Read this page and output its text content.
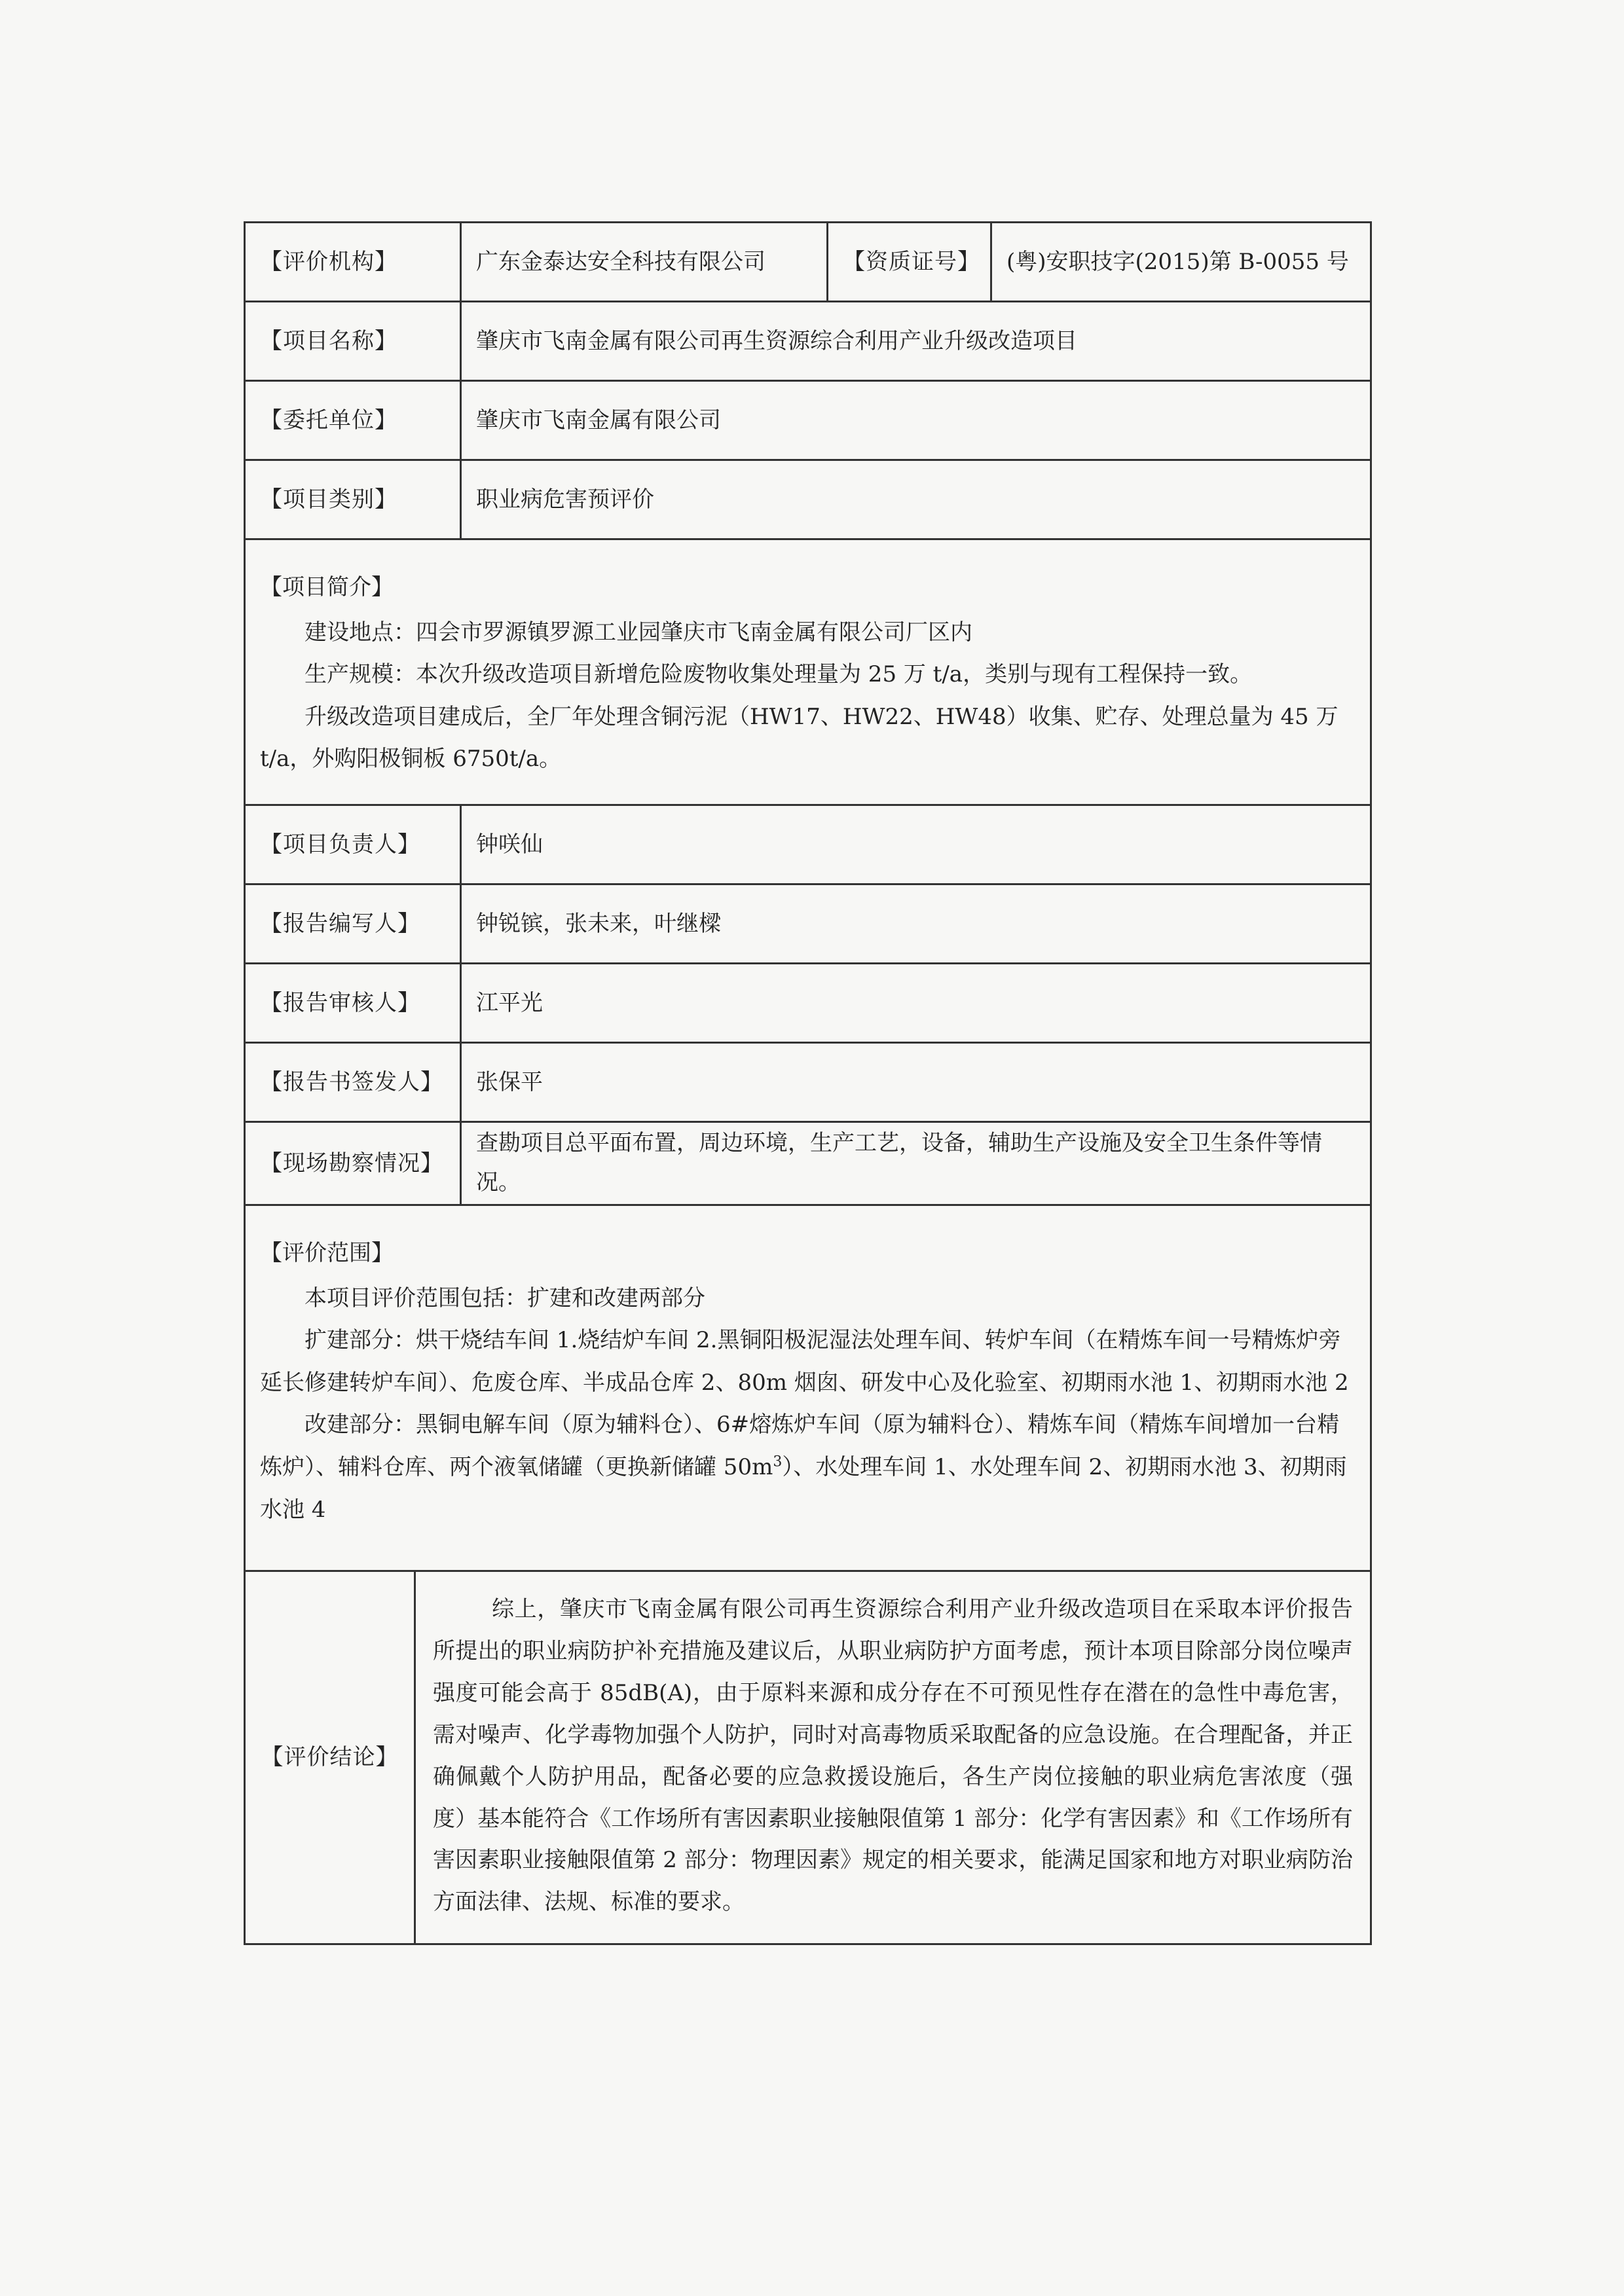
【评价机构】		广东金泰达安全科技有限公司	【资质证号】	(粤)安职技字(2015)第 B-0055 号
【项目名称】		肇庆市飞南金属有限公司再生资源综合利用产业升级改造项目		
【委托单位】		肇庆市飞南金属有限公司		
【项目类别】		职业病危害预评价		

【项目简介】

建设地点：四会市罗源镇罗源工业园肇庆市飞南金属有限公司厂区内

生产规模：本次升级改造项目新增危险废物收集处理量为 25 万 t/a，类别与现有工程保持一致。

升级改造项目建成后，全厂年处理含铜污泥（HW17、HW22、HW48）收集、贮存、处理总量为 45 万 t/a，外购阳极铜板 6750t/a。				

【项目负责人】		钟咲仙		
【报告编写人】		钟锐镔，张未来，叶继樑		
【报告审核人】		江平光		
【报告书签发人】		张保平		
【现场勘察情况】		查勘项目总平面布置，周边环境，生产工艺，设备，辅助生产设施及安全卫生条件等情况。		

【评价范围】

本项目评价范围包括：扩建和改建两部分

扩建部分：烘干烧结车间 1.烧结炉车间 2.黑铜阳极泥湿法处理车间、转炉车间（在精炼车间一号精炼炉旁延长修建转炉车间）、危废仓库、半成品仓库 2、80m 烟囱、研发中心及化验室、初期雨水池 1、初期雨水池 2

改建部分：黑铜电解车间（原为辅料仓）、6#熔炼炉车间（原为辅料仓）、精炼车间（精炼车间增加一台精炼炉）、辅料仓库、两个液氧储罐（更换新储罐 $50m^3$）、水处理车间 1、水处理车间 2、初期雨水池 3、初期雨水池 4				

【评价结论】	综上，肇庆市飞南金属有限公司再生资源综合利用产业升级改造项目在采取本评价报告所提出的职业病防护补充措施及建议后，从职业病防护方面考虑，预计本项目除部分岗位噪声强度可能会高于 85dB(A)，由于原料来源和成分存在不可预见性存在潜在的急性中毒危害，需对噪声、化学毒物加强个人防护，同时对高毒物质采取配备的应急设施。在合理配备，并正确佩戴个人防护用品，配备必要的应急救援设施后，各生产岗位接触的职业病危害浓度（强度）基本能符合《工作场所有害因素职业接触限值第 1 部分：化学有害因素》和《工作场所有害因素职业接触限值第 2 部分：物理因素》规定的相关要求，能满足国家和地方对职业病防治方面法律、法规、标准的要求。			
